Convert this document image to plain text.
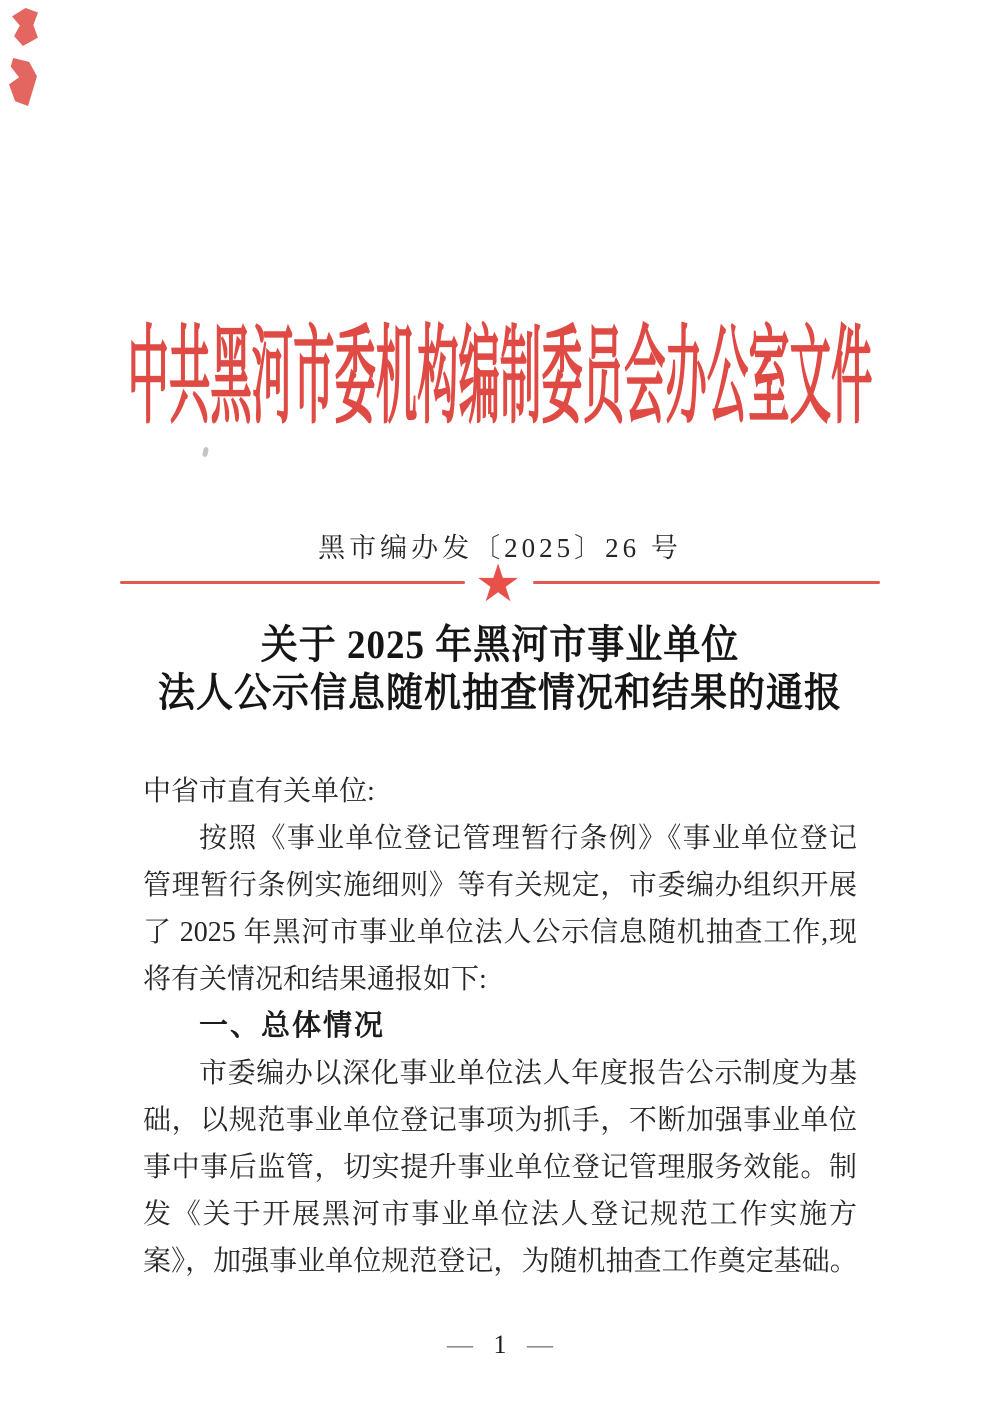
中共黑河市委机构编制委员会办公室文件
黑市编办发〔2025〕26 号
★
关于 2025 年黑河市事业单位
法人公示信息随机抽查情况和结果的通报
中省市直有关单位:
按照《事业单位登记管理暂行条例》《事业单位登记
管理暂行条例实施细则》等有关规定，市委编办组织开展
了 2025 年黑河市事业单位法人公示信息随机抽查工作,现
将有关情况和结果通报如下:
一、总体情况
市委编办以深化事业单位法人年度报告公示制度为基
础，以规范事业单位登记事项为抓手，不断加强事业单位
事中事后监管，切实提升事业单位登记管理服务效能。制
发《关于开展黑河市事业单位法人登记规范工作实施方
案》，加强事业单位规范登记，为随机抽查工作奠定基础。
— 1 —
